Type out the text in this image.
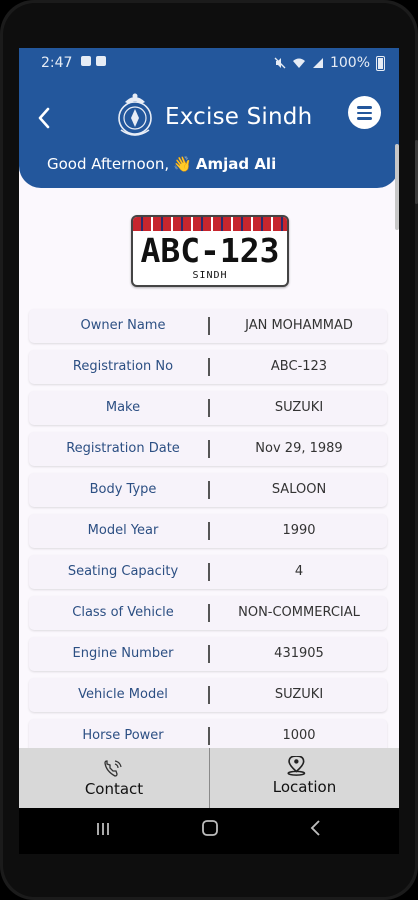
2:47	100%
Excise Sindh
Good Afternoon, 👋 Amjad Ali
ABC-123
SINDH
Owner Name	JAN MOHAMMAD
Registration No	ABC-123
Make	SUZUKI
Registration Date	Nov 29, 1989
Body Type	SALOON
Model Year	1990
Seating Capacity	4
Class of Vehicle	NON-COMMERCIAL
Engine Number	431905
Vehicle Model	SUZUKI
Horse Power	1000
Contact	Location
